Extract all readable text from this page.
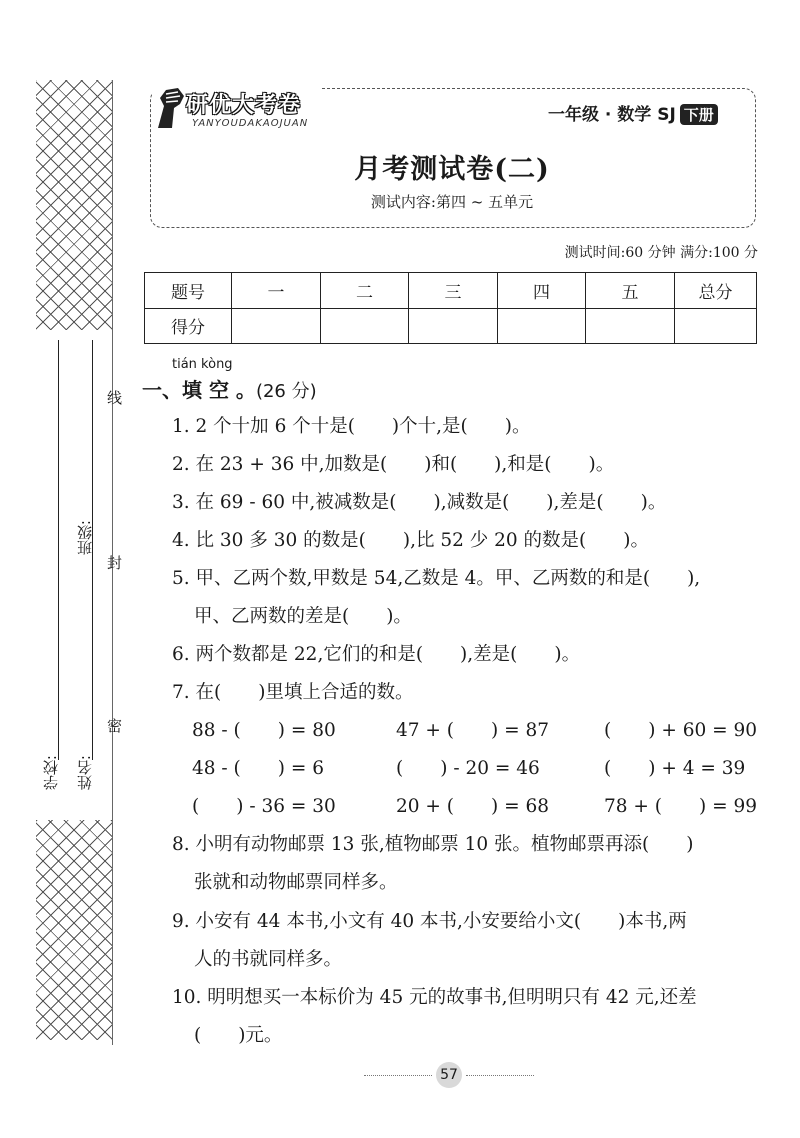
学校:
班级:
姓名:
线
封
密
研优大考卷
YANYOUDAKAOJUAN	一年级 · 数学 SJ 下册
月考测试卷(二)
测试内容:第四 ~ 五单元
测试时间:60 分钟 满分:100 分
题号	一	二	三	四	五	总分
得分						
tián kòng
一、填 空 。(26 分)
1. 2 个十加 6 个十是(　　)个十,是(　　)。
2. 在 23 + 36 中,加数是(　　)和(　　),和是(　　)。
3. 在 69 - 60 中,被减数是(　　),减数是(　　),差是(　　)。
4. 比 30 多 30 的数是(　　),比 52 少 20 的数是(　　)。
5. 甲、乙两个数,甲数是 54,乙数是 4。甲、乙两数的和是(　　),
甲、乙两数的差是(　　)。
6. 两个数都是 22,它们的和是(　　),差是(　　)。
7. 在(　　)里填上合适的数。
88 - (　　) = 80	47 + (　　) = 87	(　　) + 60 = 90
48 - (　　) = 6	(　　) - 20 = 46	(　　) + 4 = 39
(　　) - 36 = 30	20 + (　　) = 68	78 + (　　) = 99
8. 小明有动物邮票 13 张,植物邮票 10 张。植物邮票再添(　　)
张就和动物邮票同样多。
9. 小安有 44 本书,小文有 40 本书,小安要给小文(　　)本书,两
人的书就同样多。
10. 明明想买一本标价为 45 元的故事书,但明明只有 42 元,还差
(　　)元。
57
